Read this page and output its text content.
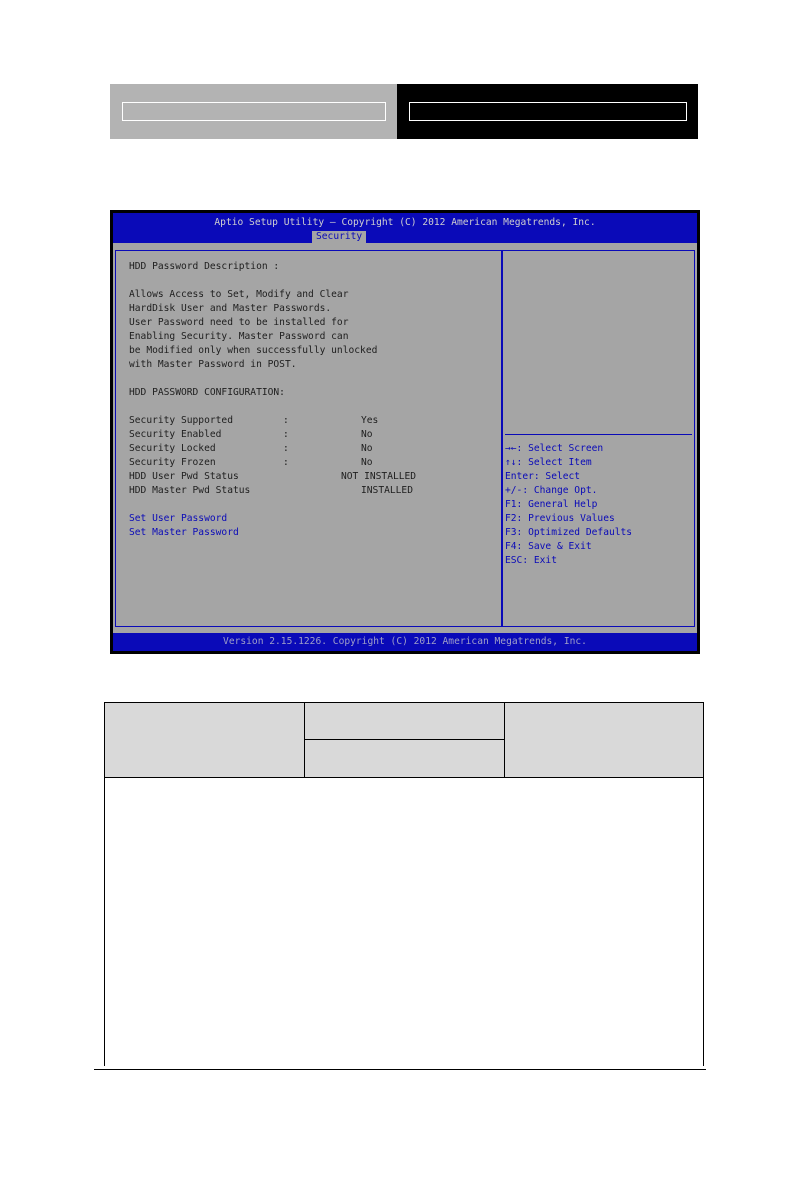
Aptio Setup Utility – Copyright (C) 2012 American Megatrends, Inc.
Security
HDD Password Description :
Allows Access to Set, Modify and Clear
HardDisk User and Master Passwords.
User Password need to be installed for
Enabling Security. Master Password can
be Modified only when successfully unlocked
with Master Password in POST.
HDD PASSWORD CONFIGURATION:
Security Supported	:	Yes
Security Enabled	:	No
Security Locked	:	No
Security Frozen	:	No
HDD User Pwd Status	NOT INSTALLED
HDD Master Pwd Status	INSTALLED
Set User Password
Set Master Password
→←: Select Screen
↑↓: Select Item
Enter: Select
+/-: Change Opt.
F1: General Help
F2: Previous Values
F3: Optimized Defaults
F4: Save & Exit
ESC: Exit
Version 2.15.1226. Copyright (C) 2012 American Megatrends, Inc.
